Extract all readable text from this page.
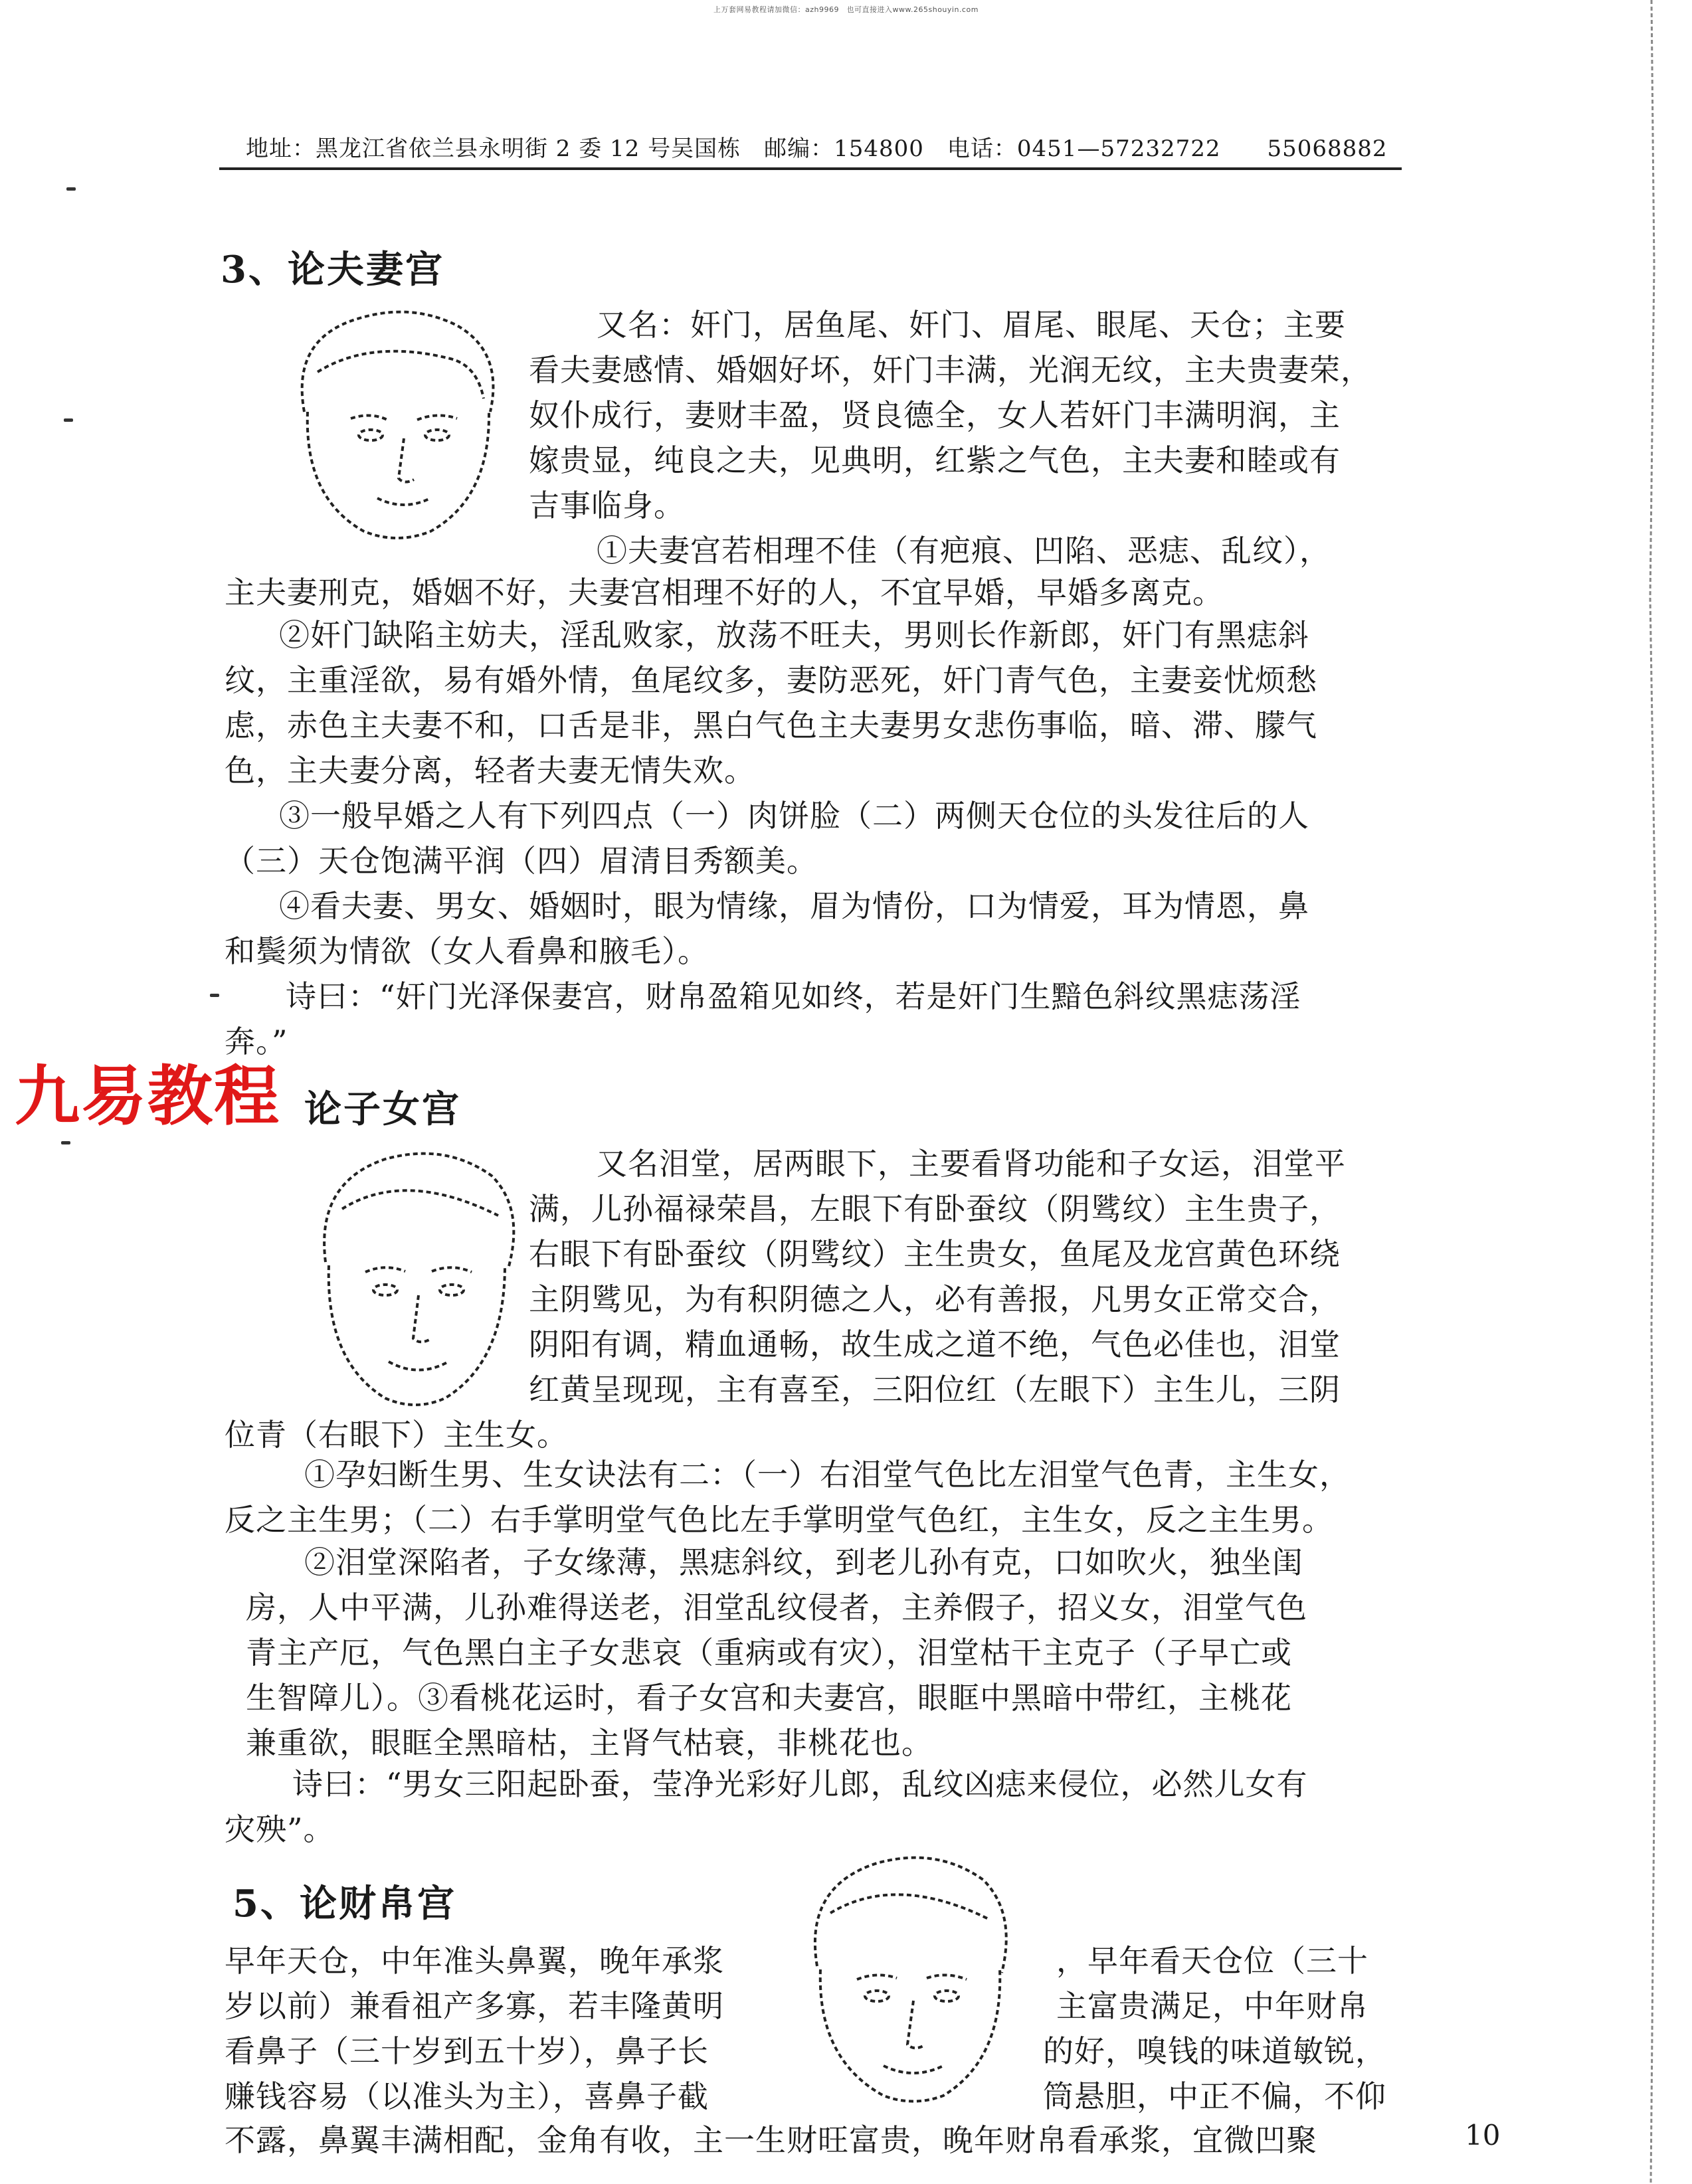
上万套网易教程请加微信：azh9969　也可直接进入www.265shouyin.com
地址：黑龙江省依兰县永明街 2 委 12 号吴国栋　邮编：154800　电话：0451—57232722　　55068882
3、论夫妻宫
又名：奸门，居鱼尾、奸门、眉尾、眼尾、天仓；主要
看夫妻感情、婚姻好坏，奸门丰满，光润无纹，主夫贵妻荣，
奴仆成行，妻财丰盈，贤良德全，女人若奸门丰满明润，主
嫁贵显，纯良之夫，见典明，红紫之气色，主夫妻和睦或有
吉事临身。
①夫妻宫若相理不佳（有疤痕、凹陷、恶痣、乱纹），
主夫妻刑克，婚姻不好，夫妻宫相理不好的人，不宜早婚，早婚多离克。
②奸门缺陷主妨夫，淫乱败家，放荡不旺夫，男则长作新郎，奸门有黑痣斜
纹，主重淫欲，易有婚外情，鱼尾纹多，妻防恶死，奸门青气色，主妻妾忧烦愁
虑，赤色主夫妻不和，口舌是非，黑白气色主夫妻男女悲伤事临，暗、滞、朦气
色，主夫妻分离，轻者夫妻无情失欢。
③一般早婚之人有下列四点（一）肉饼脸（二）两侧天仓位的头发往后的人
（三）天仓饱满平润（四）眉清目秀额美。
④看夫妻、男女、婚姻时，眼为情缘，眉为情份，口为情爱，耳为情恩，鼻
和鬓须为情欲（女人看鼻和腋毛）。
诗曰：“奸门光泽保妻宫，财帛盈箱见如终，若是奸门生黯色斜纹黑痣荡淫
奔。”
九易教程 论子女宫
又名泪堂，居两眼下，主要看肾功能和子女运，泪堂平
满，儿孙福禄荣昌，左眼下有卧蚕纹（阴骘纹）主生贵子，
右眼下有卧蚕纹（阴骘纹）主生贵女，鱼尾及龙宫黄色环绕
主阴骘见，为有积阴德之人，必有善报，凡男女正常交合，
阴阳有调，精血通畅，故生成之道不绝，气色必佳也，泪堂
红黄呈现现，主有喜至，三阳位红（左眼下）主生儿，三阴
位青（右眼下）主生女。
①孕妇断生男、生女诀法有二：（一）右泪堂气色比左泪堂气色青，主生女，
反之主生男；（二）右手掌明堂气色比左手掌明堂气色红，主生女，反之主生男。
②泪堂深陷者，子女缘薄，黑痣斜纹，到老儿孙有克，口如吹火，独坐闺
房，人中平满，儿孙难得送老，泪堂乱纹侵者，主养假子，招义女，泪堂气色
青主产厄，气色黑白主子女悲哀（重病或有灾），泪堂枯干主克子（子早亡或
生智障儿）。③看桃花运时，看子女宫和夫妻宫，眼眶中黑暗中带红，主桃花
兼重欲，眼眶全黑暗枯，主肾气枯衰，非桃花也。
诗曰：“男女三阳起卧蚕，莹净光彩好儿郎，乱纹凶痣来侵位，必然儿女有
灾殃”。
5、论财帛宫
早年天仓，中年准头鼻翼，晚年承浆
岁以前）兼看祖产多寡，若丰隆黄明
看鼻子（三十岁到五十岁），鼻子长
赚钱容易（以准头为主），喜鼻子截
，早年看天仓位（三十
主富贵满足，中年财帛
的好，嗅钱的味道敏锐，
筒悬胆，中正不偏，不仰
不露，鼻翼丰满相配，金角有收，主一生财旺富贵，晚年财帛看承浆，宜微凹聚	10
